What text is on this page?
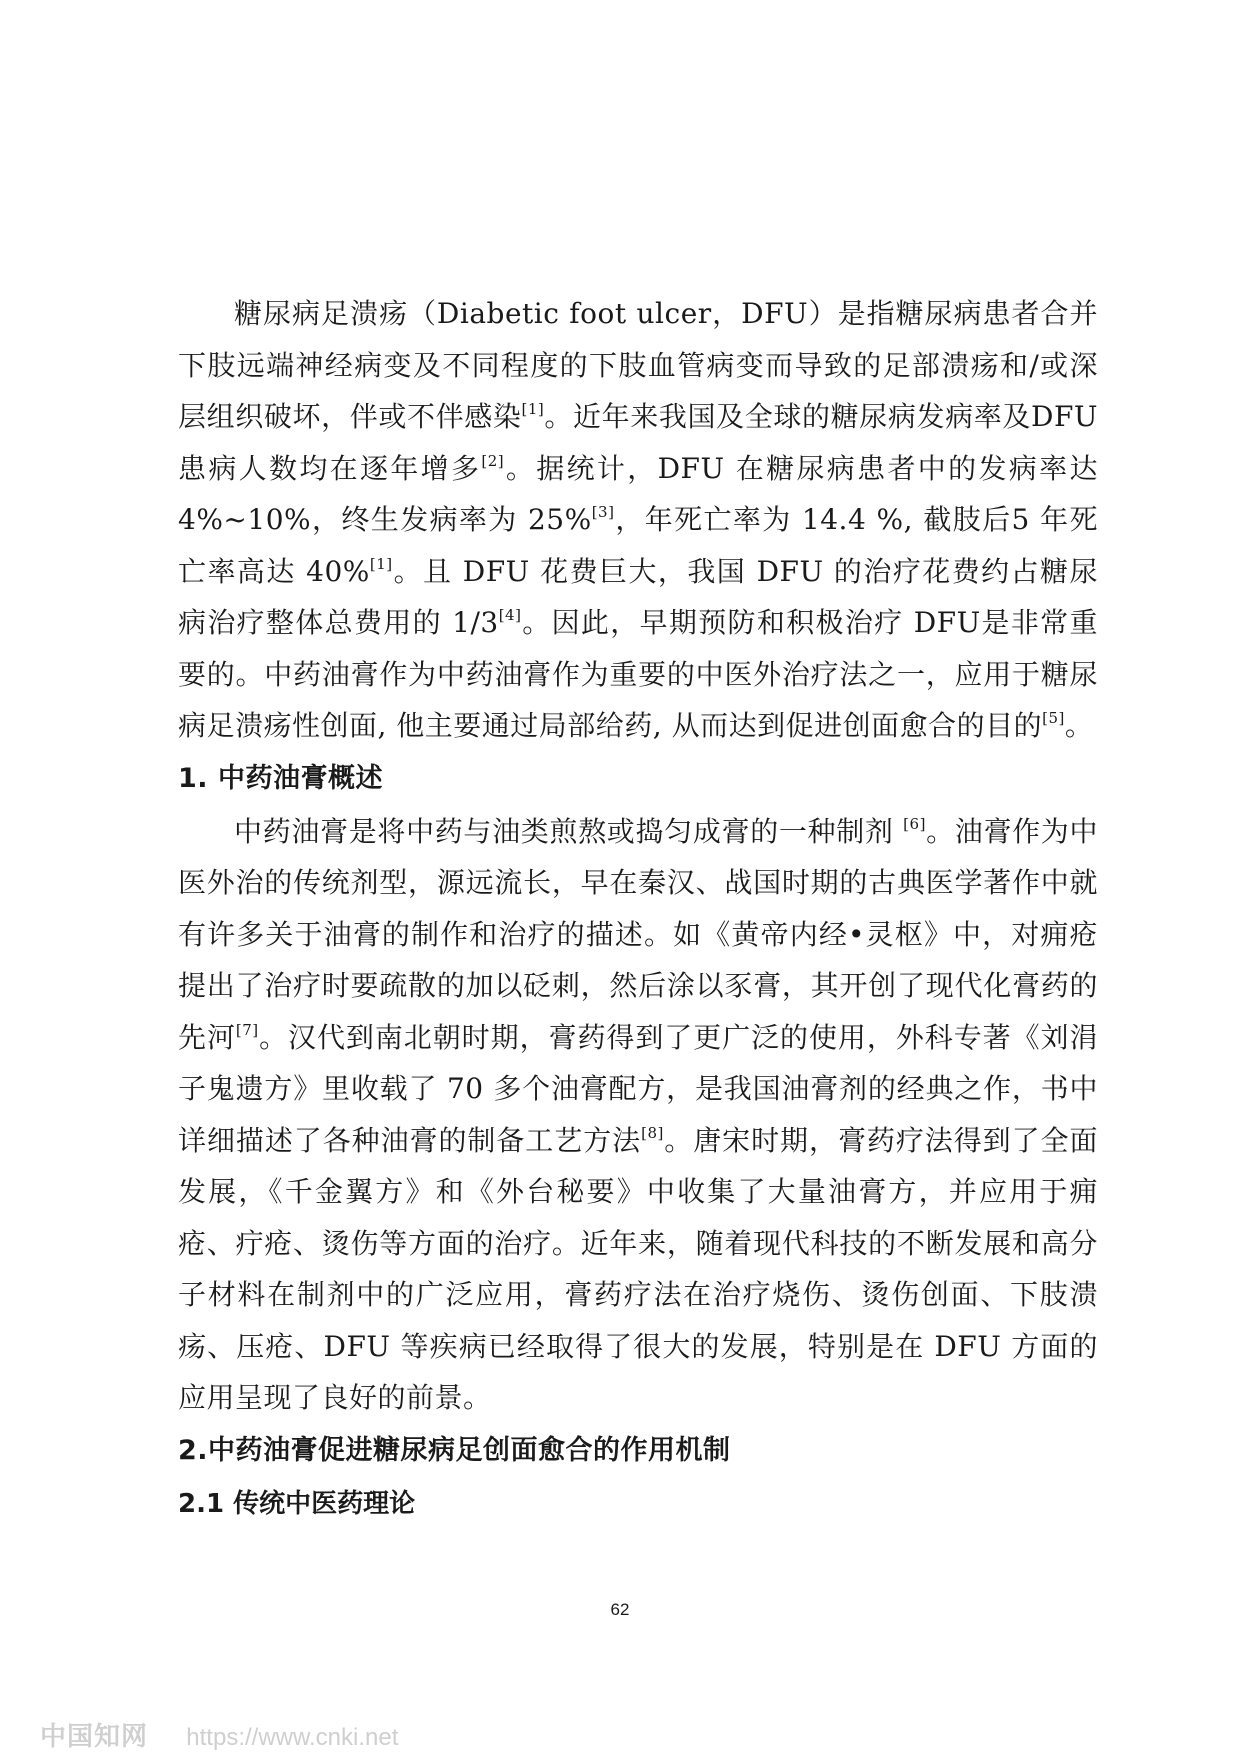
糖尿病足溃疡（Diabetic foot ulcer，DFU）是指糖尿病患者合并下肢远端神经病变及不同程度的下肢血管病变而导致的足部溃疡和/或深层组织破坏，伴或不伴感染[1]。近年来我国及全球的糖尿病发病率及DFU 患病人数均在逐年增多[2]。据统计，DFU 在糖尿病患者中的发病率达 4%~10%，终生发病率为 25%[3]，年死亡率为 14.4 %, 截肢后5 年死亡率高达 40%[1]。且 DFU 花费巨大，我国 DFU 的治疗花费约占糖尿病治疗整体总费用的 1/3[4]。因此，早期预防和积极治疗 DFU是非常重要的。中药油膏作为中药油膏作为重要的中医外治疗法之一，应用于糖尿病足溃疡性创面, 他主要通过局部给药, 从而达到促进创面愈合的目的[5]。

1. 中药油膏概述

中药油膏是将中药与油类煎熬或捣匀成膏的一种制剂 [6]。油膏作为中医外治的传统剂型，源远流长，早在秦汉、战国时期的古典医学著作中就有许多关于油膏的制作和治疗的描述。如《黄帝内经•灵枢》中，对痈疮提出了治疗时要疏散的加以砭刺，然后涂以豕膏，其开创了现代化膏药的先河[7]。汉代到南北朝时期，膏药得到了更广泛的使用，外科专著《刘涓子鬼遗方》里收载了 70 多个油膏配方，是我国油膏剂的经典之作，书中详细描述了各种油膏的制备工艺方法[8]。唐宋时期，膏药疗法得到了全面发展，《千金翼方》和《外台秘要》中收集了大量油膏方，并应用于痈疮、疔疮、烫伤等方面的治疗。近年来，随着现代科技的不断发展和高分子材料在制剂中的广泛应用，膏药疗法在治疗烧伤、烫伤创面、下肢溃疡、压疮、DFU 等疾病已经取得了很大的发展，特别是在 DFU 方面的应用呈现了良好的前景。

2.中药油膏促进糖尿病足创面愈合的作用机制
2.1 传统中医药理论
62
中国知网 https://www.cnki.net
